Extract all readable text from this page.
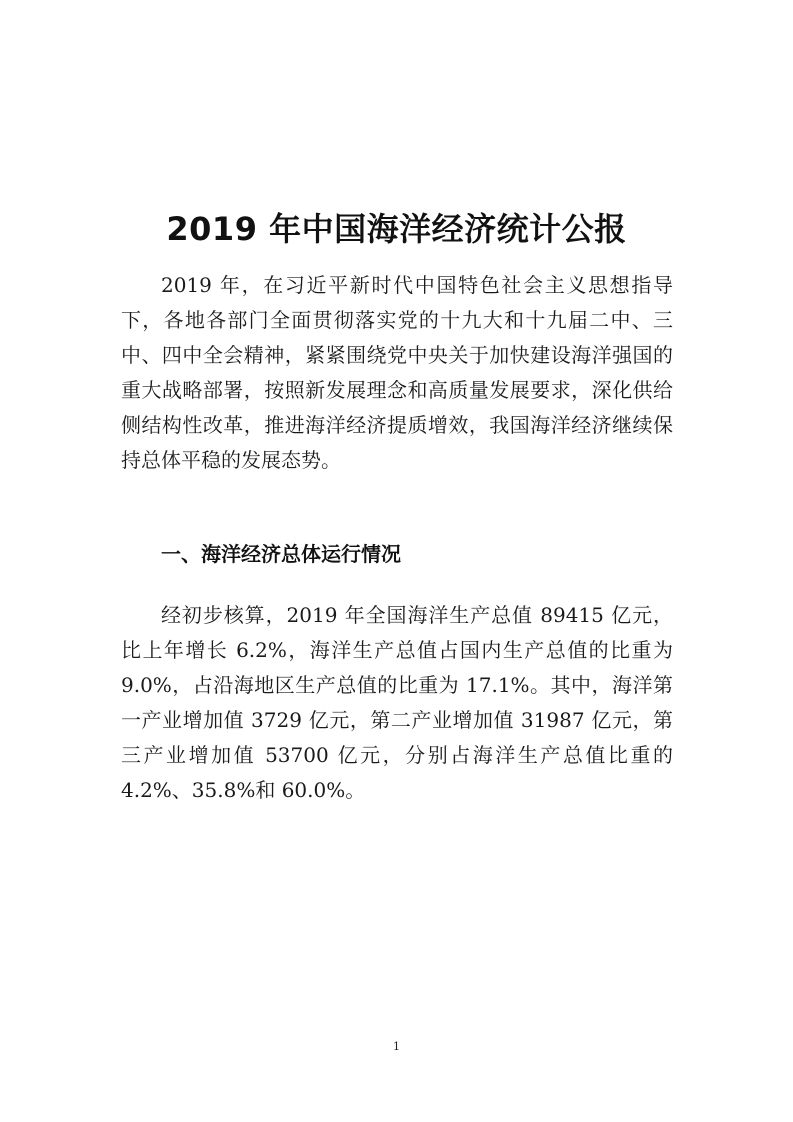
2019 年中国海洋经济统计公报

2019 年，在习近平新时代中国特色社会主义思想指导下，各地各部门全面贯彻落实党的十九大和十九届二中、三中、四中全会精神，紧紧围绕党中央关于加快建设海洋强国的重大战略部署，按照新发展理念和高质量发展要求，深化供给侧结构性改革，推进海洋经济提质增效，我国海洋经济继续保持总体平稳的发展态势。

一、海洋经济总体运行情况

经初步核算，2019 年全国海洋生产总值 89415 亿元，比上年增长 6.2%，海洋生产总值占国内生产总值的比重为 9.0%，占沿海地区生产总值的比重为 17.1%。其中，海洋第一产业增加值 3729 亿元，第二产业增加值 31987 亿元，第三产业增加值 53700 亿元，分别占海洋生产总值比重的 4.2%、35.8%和 60.0%。

1
